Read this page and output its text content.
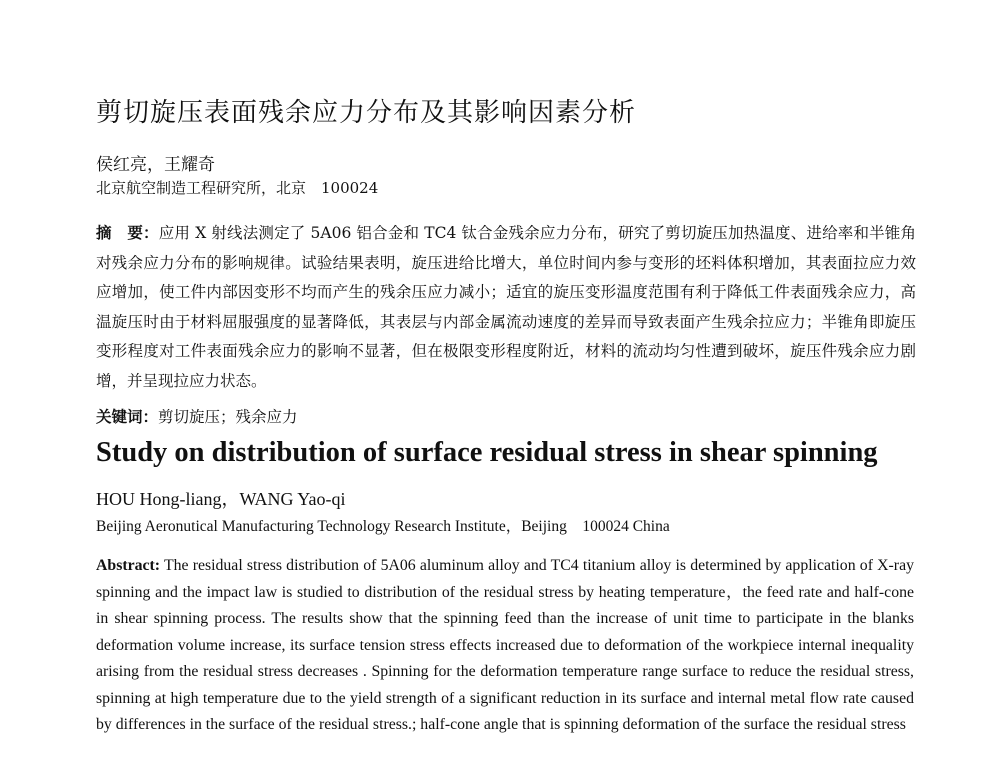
剪切旋压表面残余应力分布及其影响因素分析
侯红亮，王耀奇
北京航空制造工程研究所，北京　100024
摘　要：应用 X 射线法测定了 5A06 铝合金和 TC4 钛合金残余应力分布，研究了剪切旋压加热温度、进给率和半锥角对残余应力分布的影响规律。试验结果表明，旋压进给比增大，单位时间内参与变形的坯料体积增加，其表面拉应力效应增加，使工件内部因变形不均而产生的残余压应力减小；适宜的旋压变形温度范围有利于降低工件表面残余应力，高温旋压时由于材料屈服强度的显著降低，其表层与内部金属流动速度的差异而导致表面产生残余拉应力；半锥角即旋压变形程度对工件表面残余应力的影响不显著，但在极限变形程度附近，材料的流动均匀性遭到破坏，旋压件残余应力剧增，并呈现拉应力状态。
关键词：剪切旋压；残余应力
Study on distribution of surface residual stress in shear spinning
HOU Hong-liang，WANG Yao-qi
Beijing Aeronutical Manufacturing Technology Research Institute，Beijing　100024 China
Abstract: The residual stress distribution of 5A06 aluminum alloy and TC4 titanium alloy is determined by application of X-ray spinning and the impact law is studied to distribution of the residual stress by heating temperature，the feed rate and half-cone in shear spinning process. The results show that the spinning feed than the increase of unit time to participate in the blanks deformation volume increase, its surface tension stress effects increased due to deformation of the workpiece internal inequality arising from the residual stress decreases . Spinning for the deformation temperature range surface to reduce the residual stress, spinning at high temperature due to the yield strength of a significant reduction in its surface and internal metal flow rate caused by differences in the surface of the residual stress.; half-cone angle that is spinning deformation of the surface the residual stress
